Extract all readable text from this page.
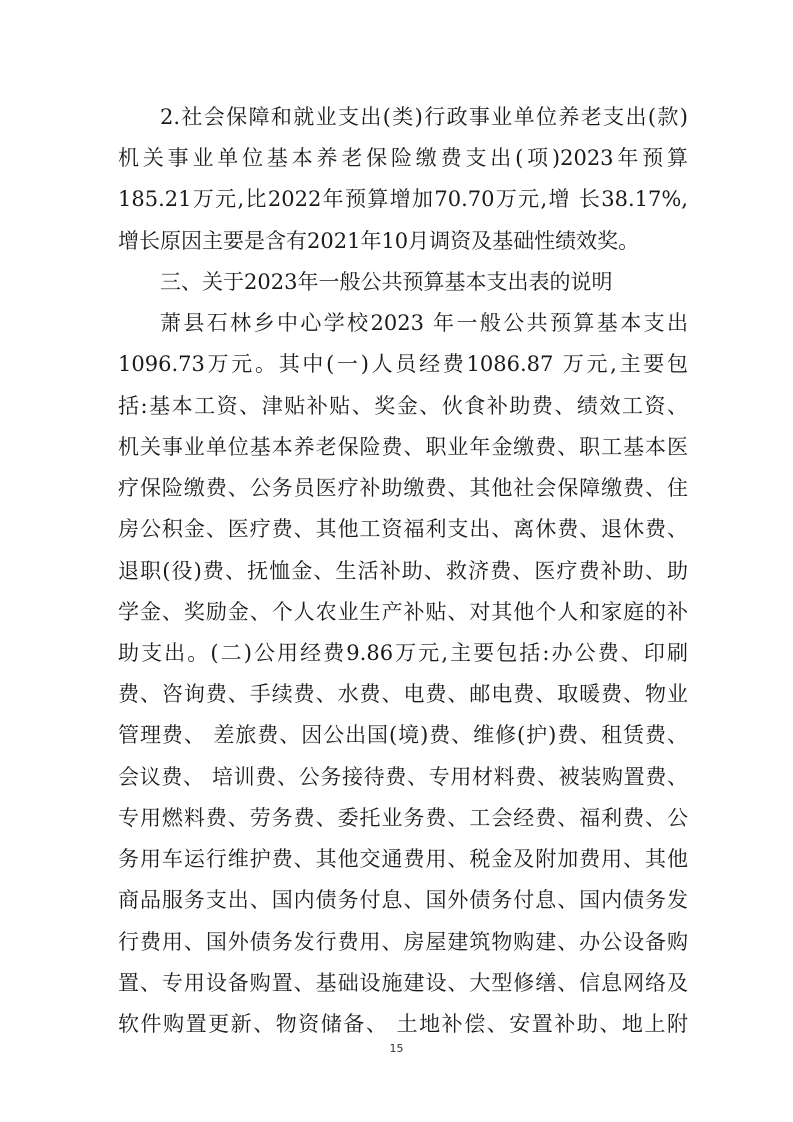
2.社会保障和就业支出(类)行政事业单位养老支出(款)
机关事业单位基本养老保险缴费支出(项)2023年预算
185.21万元,比2022年预算增加70.70万元,增 长38.17%,
增长原因主要是含有2021年10月调资及基础性绩效奖。
三、关于2023年一般公共预算基本支出表的说明
萧县石林乡中心学校2023 年一般公共预算基本支出
1096.73万元。其中(一)人员经费1086.87 万元,主要包
括:基本工资、津贴补贴、奖金、伙食补助费、绩效工资、
机关事业单位基本养老保险费、职业年金缴费、职工基本医
疗保险缴费、公务员医疗补助缴费、其他社会保障缴费、住
房公积金、医疗费、其他工资福利支出、离休费、退休费、
退职(役)费、抚恤金、生活补助、救济费、医疗费补助、助
学金、奖励金、个人农业生产补贴、对其他个人和家庭的补
助支出。(二)公用经费9.86万元,主要包括:办公费、印刷
费、咨询费、手续费、水费、电费、邮电费、取暖费、物业
管理费、 差旅费、因公出国(境)费、维修(护)费、租赁费、
会议费、 培训费、公务接待费、专用材料费、被装购置费、
专用燃料费、劳务费、委托业务费、工会经费、福利费、公
务用车运行维护费、其他交通费用、税金及附加费用、其他
商品服务支出、国内债务付息、国外债务付息、国内债务发
行费用、国外债务发行费用、房屋建筑物购建、办公设备购
置、专用设备购置、基础设施建设、大型修缮、信息网络及
软件购置更新、物资储备、 土地补偿、安置补助、地上附
15
